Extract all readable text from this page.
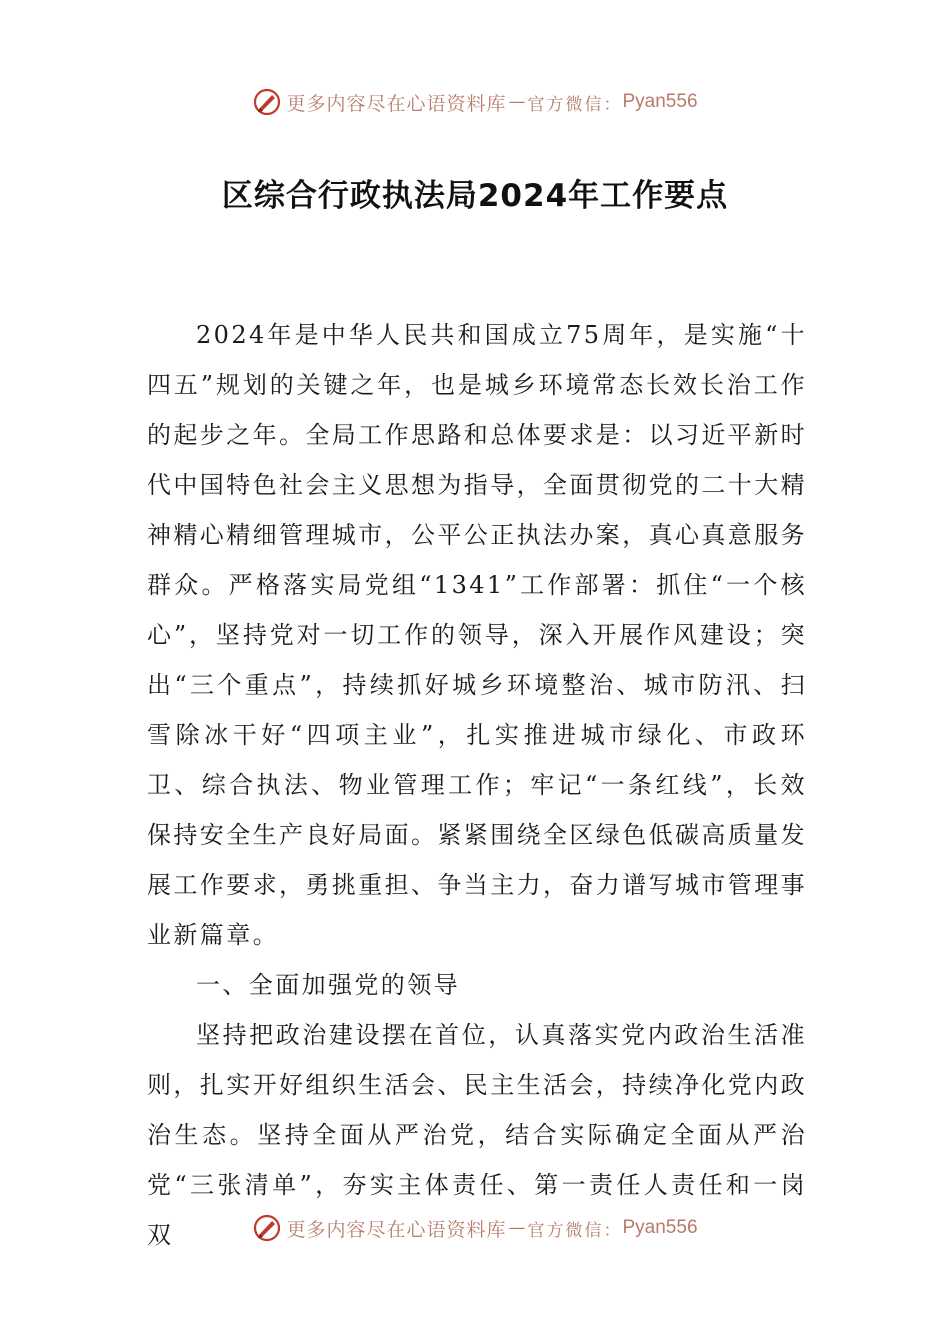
更多内容尽在心语资料库 — 官方微信： Pyan556
区综合行政执法局2024年工作要点

2024年是中华人民共和国成立75周年，是实施“十四五”规划的关键之年，也是城乡环境常态长效长治工作的起步之年。全局工作思路和总体要求是：以习近平新时代中国特色社会主义思想为指导，全面贯彻党的二十大精神精心精细管理城市，公平公正执法办案，真心真意服务群众。严格落实局党组“1341”工作部署：抓住“一个核心”，坚持党对一切工作的领导，深入开展作风建设；突出“三个重点”，持续抓好城乡环境整治、城市防汛、扫雪除冰干好“四项主业”，扎实推进城市绿化、市政环卫、综合执法、物业管理工作；牢记“一条红线”，长效保持安全生产良好局面。紧紧围绕全区绿色低碳高质量发展工作要求，勇挑重担、争当主力，奋力谱写城市管理事业新篇章。

一、全面加强党的领导

坚持把政治建设摆在首位，认真落实党内政治生活准则，扎实开好组织生活会、民主生活会，持续净化党内政治生态。坚持全面从严治党，结合实际确定全面从严治党“三张清单”，夯实主体责任、第一责任人责任和一岗双	更多内容尽在心语资料库 — 官方微信： Pyan556
